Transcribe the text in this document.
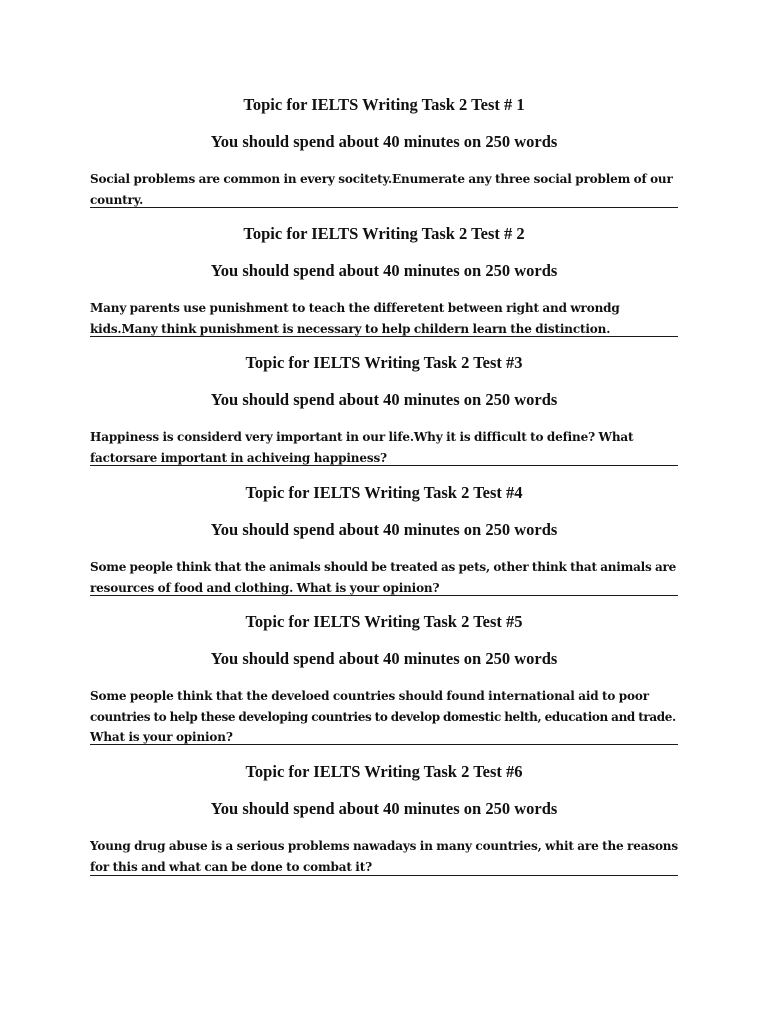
Topic for IELTS Writing Task 2 Test # 1
You should spend about 40 minutes on 250 words
Social problems are common in every socitety.Enumerate any three social problem of our
country.
Topic for IELTS Writing Task 2 Test # 2
You should spend about 40 minutes on 250 words
Many parents use punishment to teach the differetent between right and wrondg
kids.Many think punishment is necessary to help childern learn the distinction.
Topic for IELTS Writing Task 2 Test #3
You should spend about 40 minutes on 250 words
Happiness is considerd very important in our life.Why it is difficult to define? What
factorsare important in achiveing happiness?
Topic for IELTS Writing Task 2 Test #4
You should spend about 40 minutes on 250 words
Some people think that the animals should be treated as pets, other think that animals are
resources of food and clothing. What is your opinion?
Topic for IELTS Writing Task 2 Test #5
You should spend about 40 minutes on 250 words
Some people think that the develoed countries should found international aid to poor
countries to help these developing countries to develop domestic helth, education and trade.
What is your opinion?
Topic for IELTS Writing Task 2 Test #6
You should spend about 40 minutes on 250 words
Young drug abuse is a serious problems nawadays in many countries, whit are the reasons
for this and what can be done to combat it?
